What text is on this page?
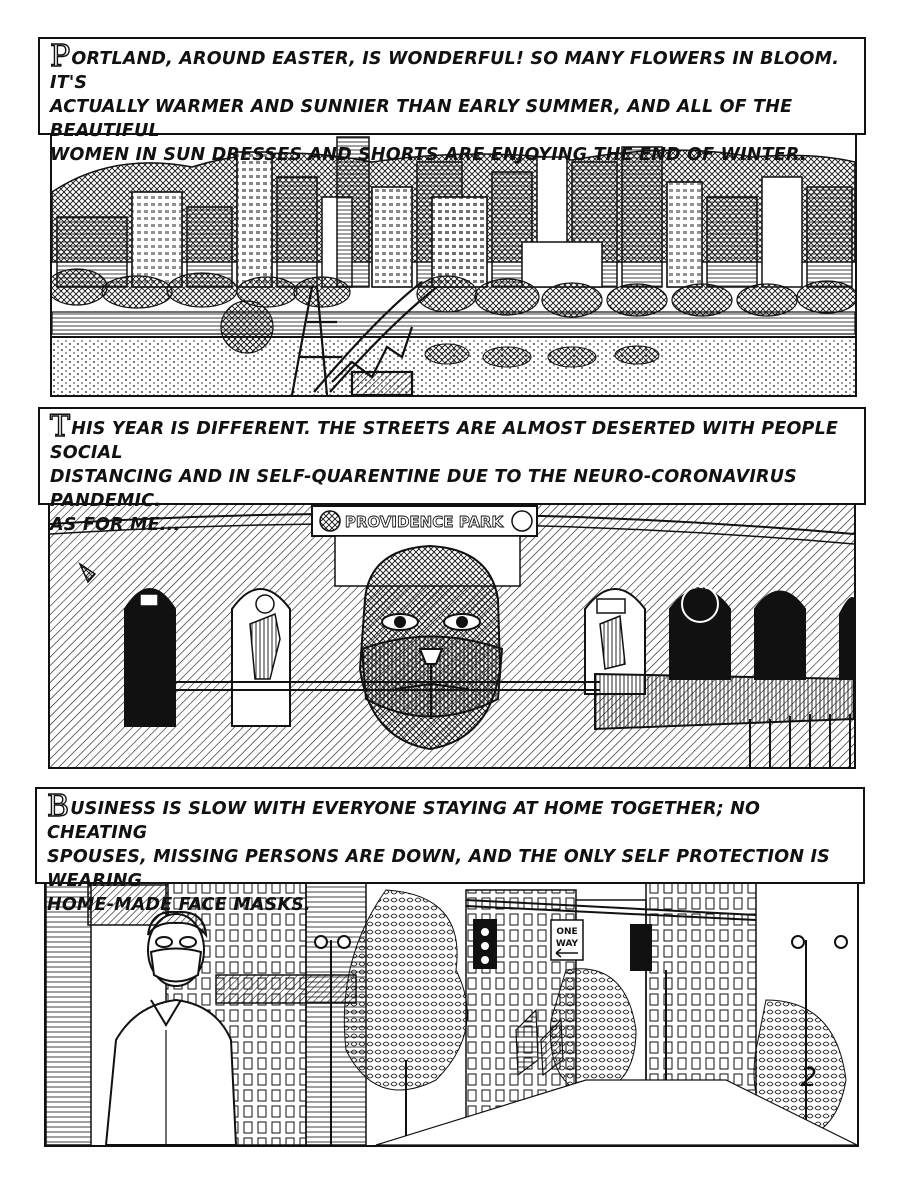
PORTLAND, AROUND EASTER, IS WONDERFUL! SO MANY FLOWERS IN BLOOM. IT'S
ACTUALLY WARMER AND SUNNIER THAN EARLY SUMMER, AND ALL OF THE BEAUTIFUL
WOMEN IN SUN DRESSES AND SHORTS ARE ENJOYING THE END OF WINTER.
THIS YEAR IS DIFFERENT. THE STREETS ARE ALMOST DESERTED WITH PEOPLE SOCIAL
DISTANCING AND IN SELF-QUARENTINE DUE TO THE NEURO-CORONAVIRUS PANDEMIC.
AS FOR ME...	PROVIDENCE PARK
BUSINESS IS SLOW WITH EVERYONE STAYING AT HOME TOGETHER; NO CHEATING
SPOUSES, MISSING PERSONS ARE DOWN, AND THE ONLY SELF PROTECTION IS WEARING
HOME-MADE FACE MASKS.
ONE
WAY
2
